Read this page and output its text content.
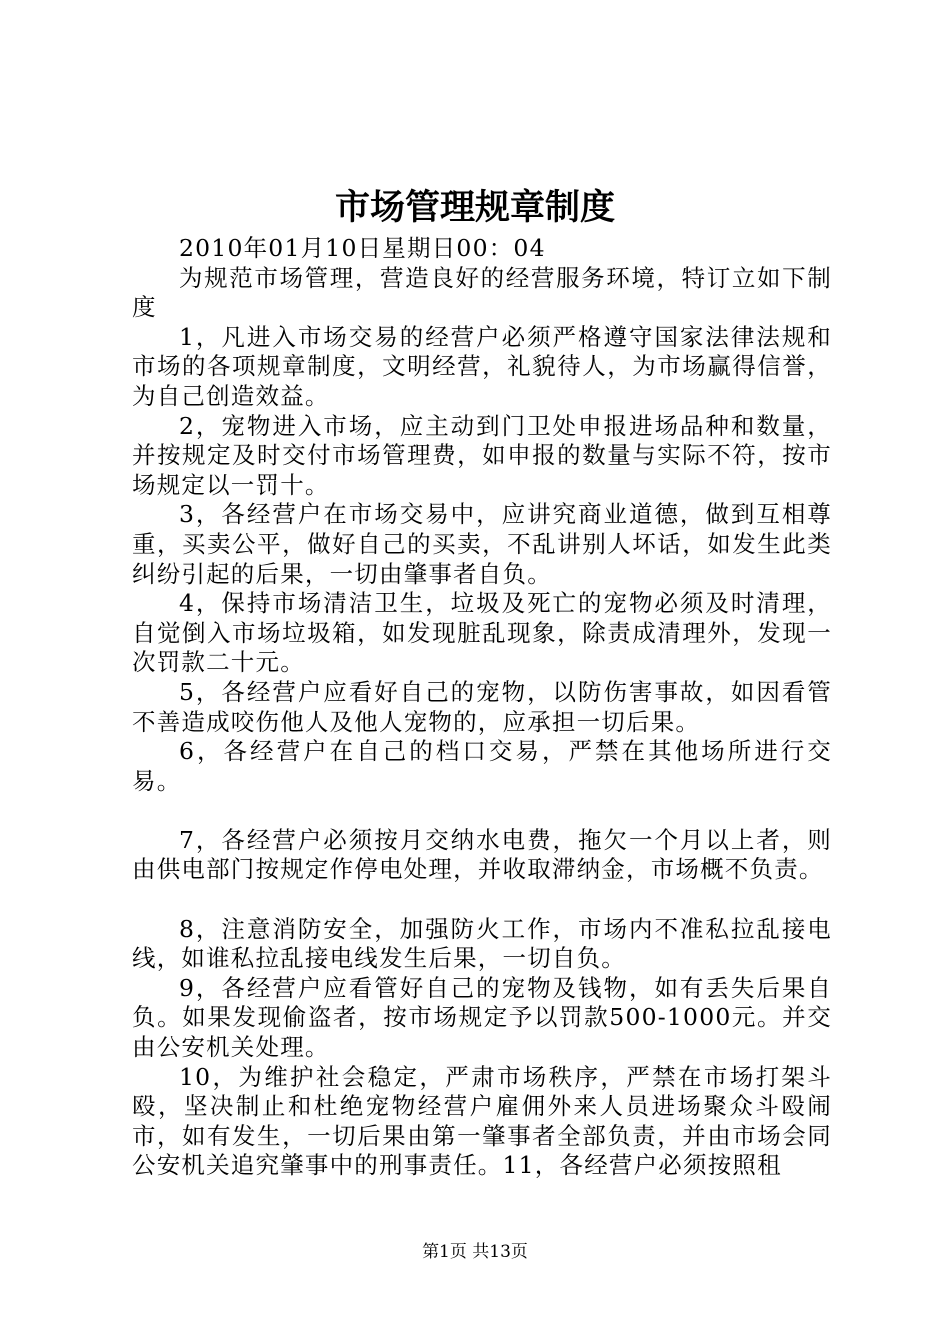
市场管理规章制度

2010年01月10日星期日00：04

为规范市场管理，营造良好的经营服务环境，特订立如下制度

1，凡进入市场交易的经营户必须严格遵守国家法律法规和市场的各项规章制度，文明经营，礼貌待人，为市场赢得信誉，为自己创造效益。

2，宠物进入市场，应主动到门卫处申报进场品种和数量，并按规定及时交付市场管理费，如申报的数量与实际不符，按市场规定以一罚十。

3，各经营户在市场交易中，应讲究商业道德，做到互相尊重，买卖公平，做好自己的买卖，不乱讲别人坏话，如发生此类纠纷引起的后果，一切由肇事者自负。

4，保持市场清洁卫生，垃圾及死亡的宠物必须及时清理，自觉倒入市场垃圾箱，如发现脏乱现象，除责成清理外，发现一次罚款二十元。

5，各经营户应看好自己的宠物，以防伤害事故，如因看管不善造成咬伤他人及他人宠物的，应承担一切后果。

6，各经营户在自己的档口交易，严禁在其他场所进行交易。

7，各经营户必须按月交纳水电费，拖欠一个月以上者，则由供电部门按规定作停电处理，并收取滞纳金，市场概不负责。

8，注意消防安全，加强防火工作，市场内不准私拉乱接电线，如谁私拉乱接电线发生后果，一切自负。

9，各经营户应看管好自己的宠物及钱物，如有丢失后果自负。如果发现偷盗者，按市场规定予以罚款500-1000元。并交由公安机关处理。

10，为维护社会稳定，严肃市场秩序，严禁在市场打架斗殴，坚决制止和杜绝宠物经营户雇佣外来人员进场聚众斗殴闹市，如有发生，一切后果由第一肇事者全部负责，并由市场会同公安机关追究肇事中的刑事责任。11，各经营户必须按照租

第1页 共13页
